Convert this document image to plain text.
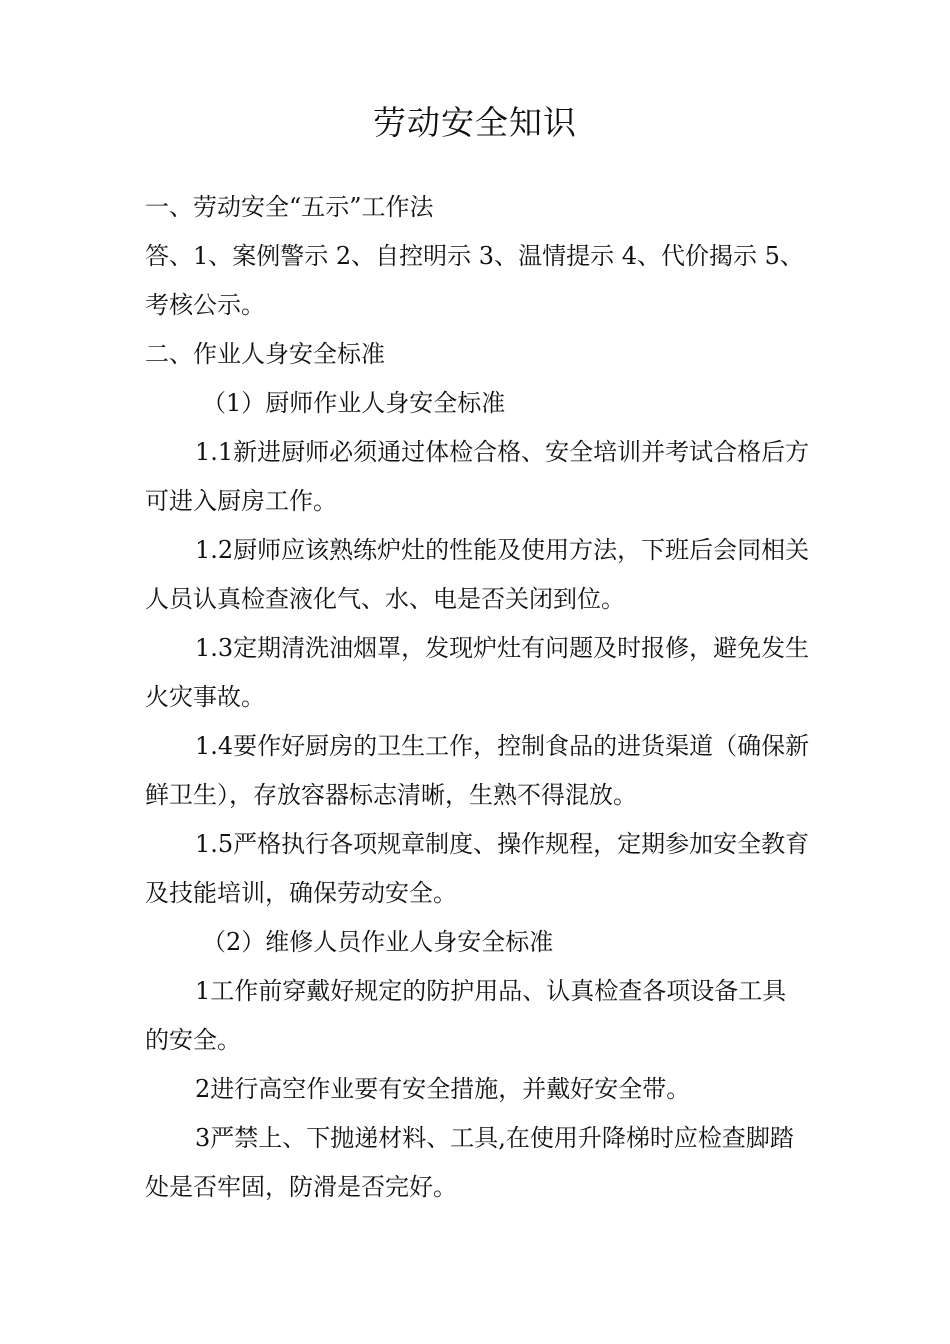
劳动安全知识

一、劳动安全“五示”工作法

答、1、案例警示 2、自控明示 3、温情提示 4、代价揭示 5、考核公示。

二、作业人身安全标准

（1）厨师作业人身安全标准

1.1新进厨师必须通过体检合格、安全培训并考试合格后方可进入厨房工作。

1.2厨师应该熟练炉灶的性能及使用方法，下班后会同相关人员认真检查液化气、水、电是否关闭到位。

1.3定期清洗油烟罩，发现炉灶有问题及时报修，避免发生火灾事故。

1.4要作好厨房的卫生工作，控制食品的进货渠道（确保新鲜卫生），存放容器标志清晰，生熟不得混放。

1.5严格执行各项规章制度、操作规程，定期参加安全教育及技能培训，确保劳动安全。

（2）维修人员作业人身安全标准

1工作前穿戴好规定的防护用品、认真检查各项设备工具的安全。

2进行高空作业要有安全措施，并戴好安全带。

3严禁上、下抛递材料、工具,在使用升降梯时应检查脚踏处是否牢固，防滑是否完好。
